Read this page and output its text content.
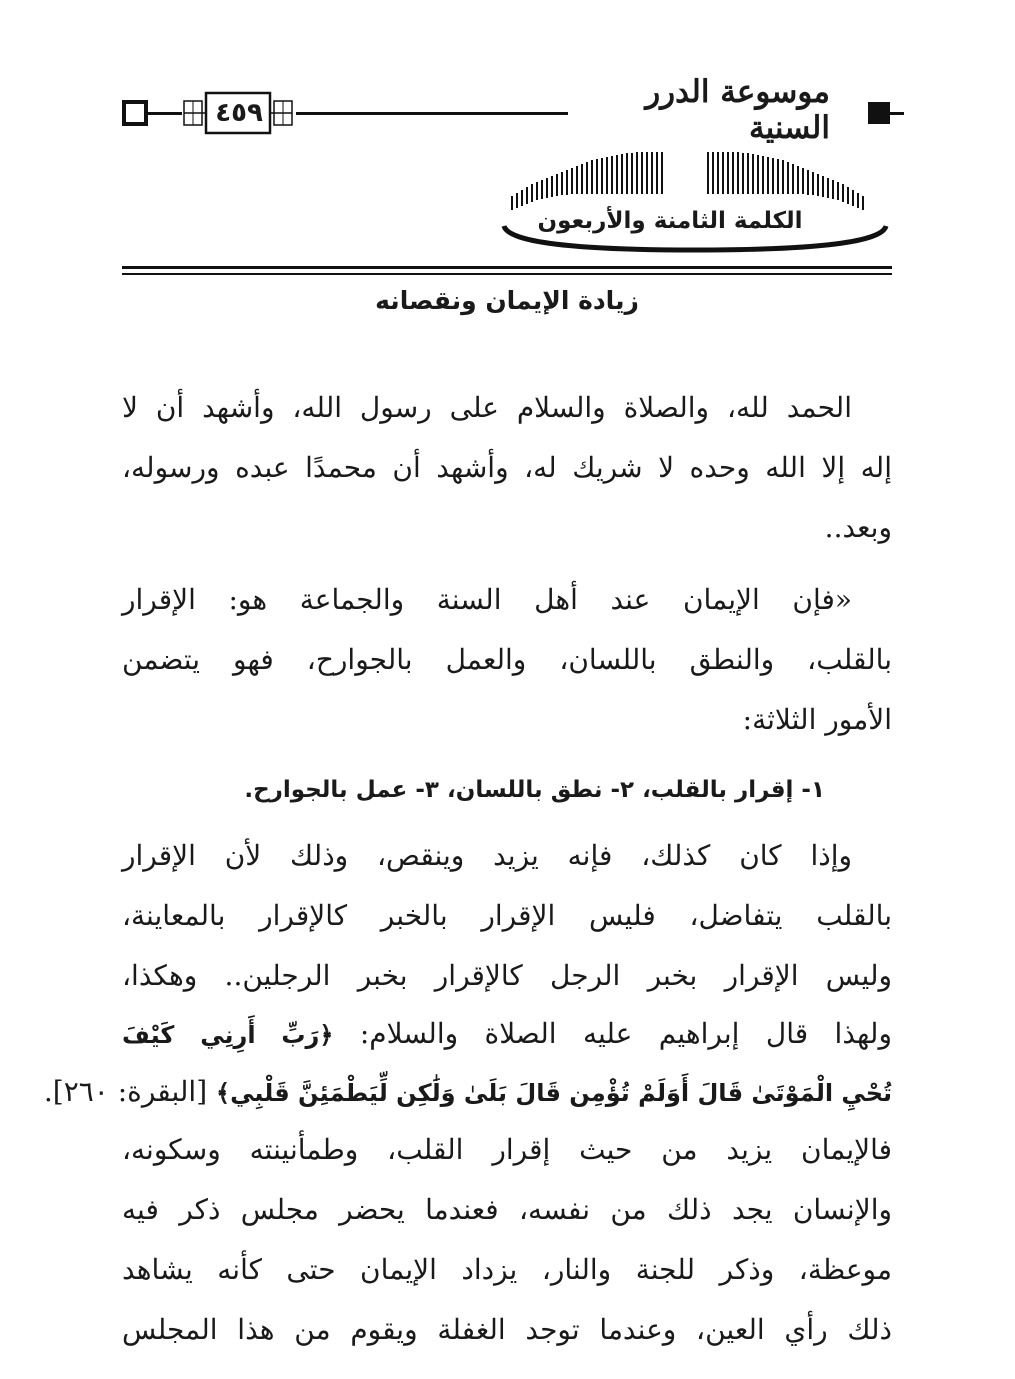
٤٥٩
موسوعة الدرر السنية
الكلمة الثامنة والأربعون
زيادة الإيمان ونقصانه
الحمد لله، والصلاة والسلام على رسول الله، وأشهد أن لا
إله إلا الله وحده لا شريك له، وأشهد أن محمدًا عبده ورسوله،
وبعد..
«فإن الإيمان عند أهل السنة والجماعة هو: الإقرار
بالقلب، والنطق باللسان، والعمل بالجوارح، فهو يتضمن
الأمور الثلاثة:
١- إقرار بالقلب، ٢- نطق باللسان، ٣- عمل بالجوارح.
وإذا كان كذلك، فإنه يزيد وينقص، وذلك لأن الإقرار
بالقلب يتفاضل، فليس الإقرار بالخبر كالإقرار بالمعاينة،
وليس الإقرار بخبر الرجل كالإقرار بخبر الرجلين.. وهكذا،
ولهذا قال إبراهيم عليه الصلاة والسلام: ﴿رَبِّ أَرِنِي كَيْفَ
تُحْيِ الْمَوْتَىٰ قَالَ أَوَلَمْ تُؤْمِن قَالَ بَلَىٰ وَلَٰكِن لِّيَطْمَئِنَّ قَلْبِي﴾ [البقرة: ٢٦٠].
فالإيمان يزيد من حيث إقرار القلب، وطمأنينته وسكونه،
والإنسان يجد ذلك من نفسه، فعندما يحضر مجلس ذكر فيه
موعظة، وذكر للجنة والنار، يزداد الإيمان حتى كأنه يشاهد
ذلك رأي العين، وعندما توجد الغفلة ويقوم من هذا المجلس
